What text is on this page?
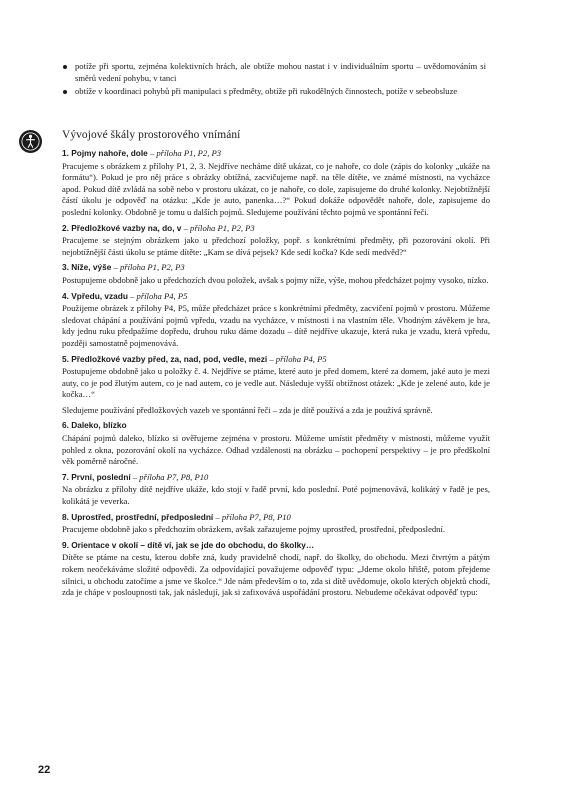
potíže při sportu, zejména kolektivních hrách, ale obtíže mohou nastat i v individuálním sportu – uvědomováním si směrů vedení pohybu, v tanci
obtíže v koordinaci pohybů při manipulaci s předměty, obtíže při rukodělných činnostech, potíže v sebeobsluze
Vývojové škály prostorového vnímání

1. Pojmy nahoře, dole – příloha P1, P2, P3

Pracujeme s obrázkem z přílohy P1, 2, 3. Nejdříve necháme dítě ukázat, co je nahoře, co dole (zápis do kolonky „ukáže na formátu“). Pokud je pro něj práce s obrázky obtížná, zacvičujeme např. na těle dítěte, ve známé místnosti, na vycházce apod. Pokud dítě zvládá na sobě nebo v prostoru ukázat, co je nahoře, co dole, zapisujeme do druhé kolonky. Nejobtížnější částí úkolu je odpověď na otázku: „Kde je auto, panenka…?“ Pokud dokáže odpovědět nahoře, dole, zapisujeme do poslední kolonky. Obdobně je tomu u dalších pojmů. Sledujeme používání těchto pojmů ve spontánní řeči.

2. Předložkové vazby na, do, v – příloha P1, P2, P3

Pracujeme se stejným obrázkem jako u předchozí položky, popř. s konkrétními předměty, při pozorování okolí. Při nejobtížnější části úkolu se ptáme dítěte: „Kam se dívá pejsek? Kde sedí kočka? Kde sedí medvěd?“

3. Níže, výše – příloha P1, P2, P3

Postupujeme obdobně jako u předchozích dvou položek, avšak s pojmy níže, výše, mohou předcházet pojmy vysoko, nízko.

4. Vpředu, vzadu – příloha P4, P5

Použijeme obrázek z přílohy P4, P5, může předcházet práce s konkrétními předměty, zacvičení pojmů v prostoru. Můžeme sledovat chápání a používání pojmů vpředu, vzadu na vycházce, v místnosti i na vlastním těle. Vhodným závěkem je hra, kdy jednu ruku předpažíme dopředu, druhou ruku dáme dozadu – dítě nejdříve ukazuje, která ruka je vzadu, která vpředu, později samostatně pojmenovává.

5. Předložkové vazby před, za, nad, pod, vedle, mezi – příloha P4, P5

Postupujeme obdobně jako u položky č. 4. Nejdříve se ptáme, které auto je před domem, které za domem, jaké auto je mezi auty, co je pod žlutým autem, co je nad autem, co je vedle aut. Následuje vyšší obtížnost otázek: „Kde je zelené auto, kde je kočka…“

Sledujeme používání předložkových vazeb ve spontánní řeči – zda je dítě používá a zda je používá správně.

6. Daleko, blízko

Chápání pojmů daleko, blízko si ověřujeme zejména v prostoru. Můžeme umístit předměty v místnosti, můžeme využít pohled z okna, pozorování okolí na vycházce. Odhad vzdálenosti na obrázku – pochopení perspektivy – je pro předškolní věk poměrně náročné.

7. První, poslední – příloha P7, P8, P10

Na obrázku z přílohy dítě nejdříve ukáže, kdo stojí v řadě první, kdo poslední. Poté pojmenovává, kolikátý v řadě je pes, kolikátá je veverka.

8. Uprostřed, prostřední, předposlední – příloha P7, P8, P10

Pracujeme obdobně jako s předchozím obrázkem, avšak zařazujeme pojmy uprostřed, prostřední, předposlední.

9. Orientace v okolí – dítě ví, jak se jde do obchodu, do školky…

Dítěte se ptáme na cestu, kterou dobře zná, kudy pravidelně chodí, např. do školky, do obchodu. Mezi čtvrtým a pátým rokem neočekáváme složité odpovědi. Za odpovídající považujeme odpověď typu: „Jdeme okolo hřiště, potom přejdeme silnici, u obchodu zatočíme a jsme ve školce.“ Jde nám především o to, zda si dítě uvědomuje, okolo kterých objektů chodí, zda je chápe v posloupnosti tak, jak následují, jak si zafixovává uspořádání prostoru. Nebudeme očekávat odpověď typu:

22
